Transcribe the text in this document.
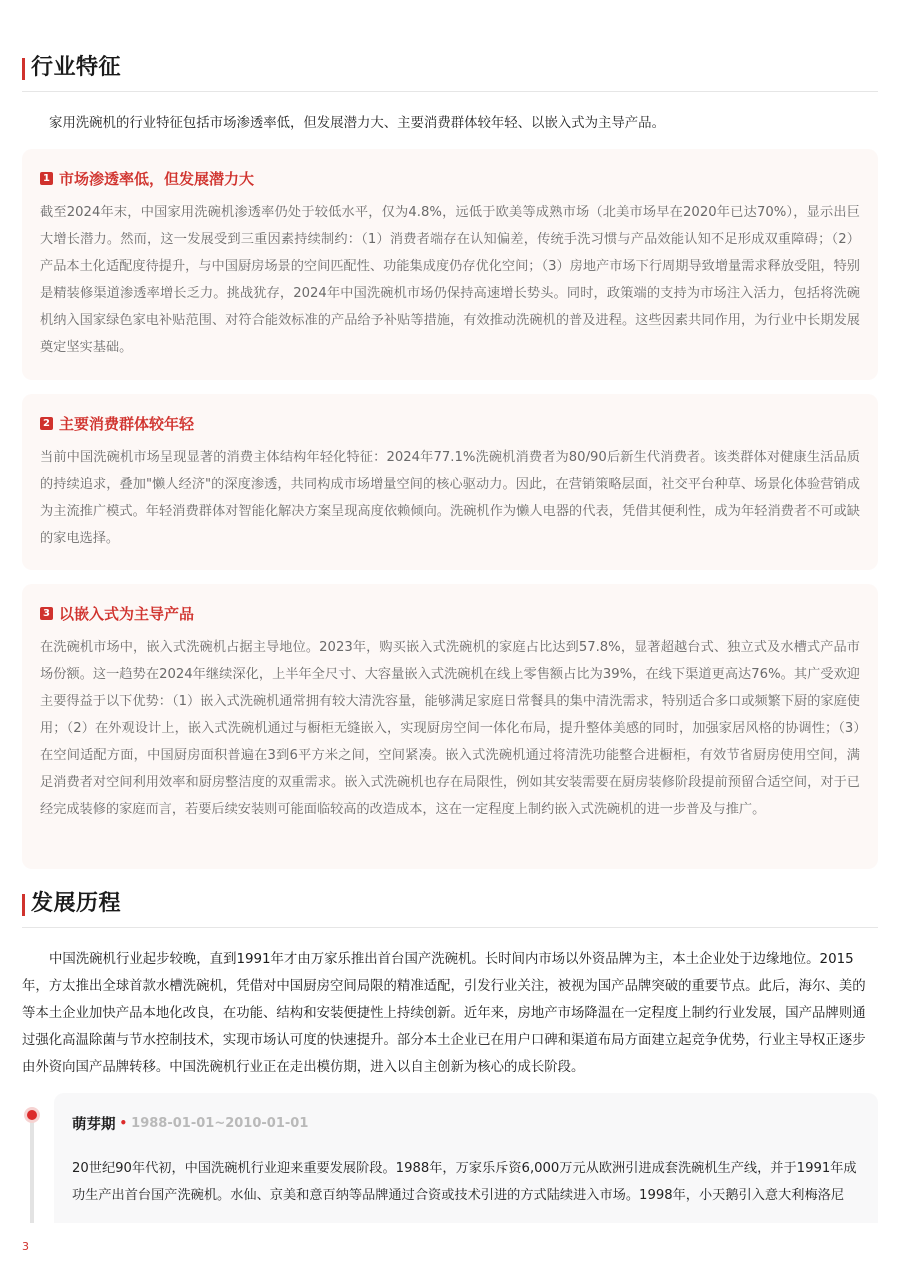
行业特征
家用洗碗机的行业特征包括市场渗透率低，但发展潜力大、主要消费群体较年轻、以嵌入式为主导产品。
1 市场渗透率低，但发展潜力大
截至2024年末，中国家用洗碗机渗透率仍处于较低水平，仅为4.8%，远低于欧美等成熟市场（北美市场早在2020年已达70%），显示出巨大增长潜力。然而，这一发展受到三重因素持续制约：（1）消费者端存在认知偏差，传统手洗习惯与产品效能认知不足形成双重障碍；（2）产品本土化适配度待提升，与中国厨房场景的空间匹配性、功能集成度仍存优化空间；（3）房地产市场下行周期导致增量需求释放受阻，特别是精装修渠道渗透率增长乏力。挑战犹存，2024年中国洗碗机市场仍保持高速增长势头。同时，政策端的支持为市场注入活力，包括将洗碗机纳入国家绿色家电补贴范围、对符合能效标准的产品给予补贴等措施，有效推动洗碗机的普及进程。这些因素共同作用，为行业中长期发展奠定坚实基础。
2 主要消费群体较年轻
当前中国洗碗机市场呈现显著的消费主体结构年轻化特征：2024年77.1%洗碗机消费者为80/90后新生代消费者。该类群体对健康生活品质的持续追求，叠加"懒人经济"的深度渗透，共同构成市场增量空间的核心驱动力。因此，在营销策略层面，社交平台种草、场景化体验营销成为主流推广模式。年轻消费群体对智能化解决方案呈现高度依赖倾向。洗碗机作为懒人电器的代表，凭借其便利性，成为年轻消费者不可或缺的家电选择。
3 以嵌入式为主导产品
在洗碗机市场中，嵌入式洗碗机占据主导地位。2023年，购买嵌入式洗碗机的家庭占比达到57.8%，显著超越台式、独立式及水槽式产品市场份额。这一趋势在2024年继续深化，上半年全尺寸、大容量嵌入式洗碗机在线上零售额占比为39%，在线下渠道更高达76%。其广受欢迎主要得益于以下优势：（1）嵌入式洗碗机通常拥有较大清洗容量，能够满足家庭日常餐具的集中清洗需求，特别适合多口或频繁下厨的家庭使用；（2）在外观设计上，嵌入式洗碗机通过与橱柜无缝嵌入，实现厨房空间一体化布局，提升整体美感的同时，加强家居风格的协调性；（3）在空间适配方面，中国厨房面积普遍在3到6平方米之间，空间紧凑。嵌入式洗碗机通过将清洗功能整合进橱柜，有效节省厨房使用空间，满足消费者对空间利用效率和厨房整洁度的双重需求。嵌入式洗碗机也存在局限性，例如其安装需要在厨房装修阶段提前预留合适空间，对于已经完成装修的家庭而言，若要后续安装则可能面临较高的改造成本，这在一定程度上制约嵌入式洗碗机的进一步普及与推广。
发展历程
中国洗碗机行业起步较晚，直到1991年才由万家乐推出首台国产洗碗机。长时间内市场以外资品牌为主，本土企业处于边缘地位。2015年，方太推出全球首款水槽洗碗机，凭借对中国厨房空间局限的精准适配，引发行业关注，被视为国产品牌突破的重要节点。此后，海尔、美的等本土企业加快产品本地化改良，在功能、结构和安装便捷性上持续创新。近年来，房地产市场降温在一定程度上制约行业发展，国产品牌则通过强化高温除菌与节水控制技术，实现市场认可度的快速提升。部分本土企业已在用户口碑和渠道布局方面建立起竞争优势，行业主导权正逐步由外资向国产品牌转移。中国洗碗机行业正在走出模仿期，进入以自主创新为核心的成长阶段。
萌芽期 • 1988-01-01~2010-01-01
20世纪90年代初，中国洗碗机行业迎来重要发展阶段。1988年，万家乐斥资6,000万元从欧洲引进成套洗碗机生产线，并于1991年成功生产出首台国产洗碗机。水仙、京美和意百纳等品牌通过合资或技术引进的方式陆续进入市场。1998年，小天鹅引入意大利梅洛尼
3
